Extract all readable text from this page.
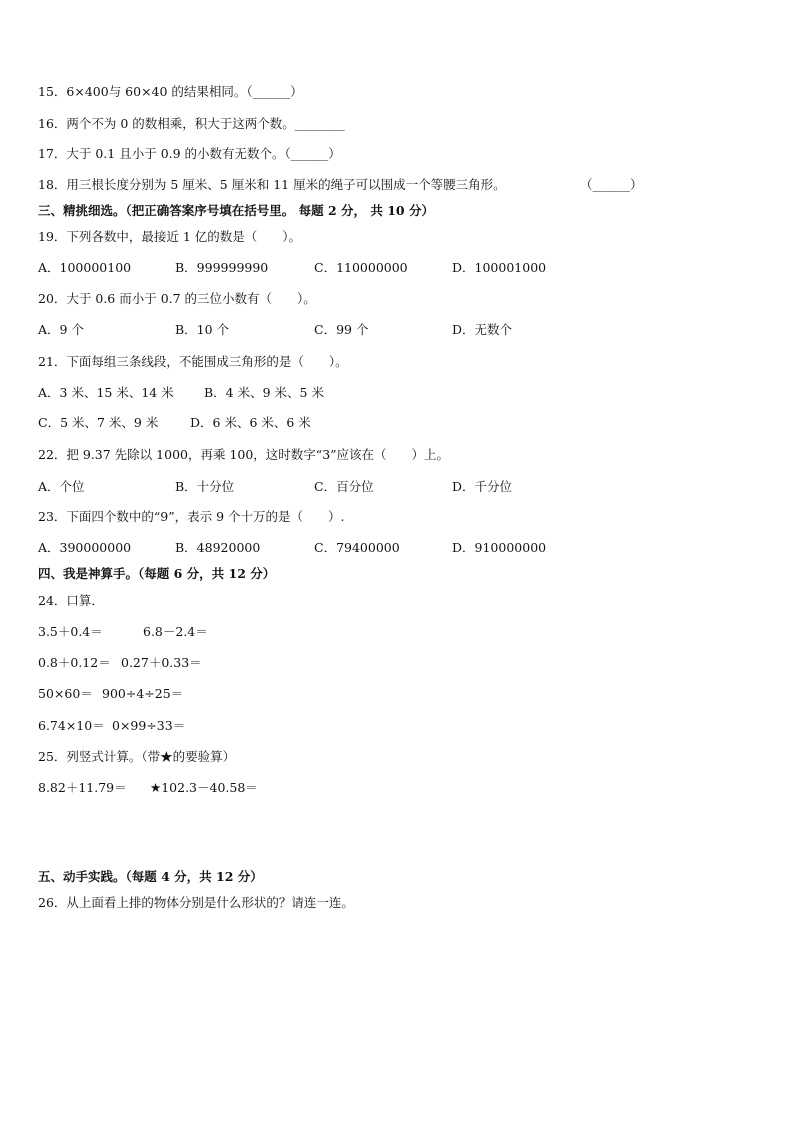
15．6×400与 60×40 的结果相同。（______）
16．两个不为 0 的数相乘，积大于这两个数。________
17．大于 0.1 且小于 0.9 的小数有无数个。（______）
18．用三根长度分别为 5 厘米、5 厘米和 11 厘米的绳子可以围成一个等腰三角形。	（______）
三、精挑细选。（把正确答案序号填在括号里。 每题 2 分， 共 10 分）
19．下列各数中，最接近 1 亿的数是（　　）。
A．100000100	B．999999990	C．110000000	D．100001000
20．大于 0.6 而小于 0.7 的三位小数有（　　）。
A．9 个	B．10 个	C．99 个	D．无数个
21．下面每组三条线段，不能围成三角形的是（　　）。
A．3 米、15 米、14 米 B．4 米、9 米、5 米
C．5 米、7 米、9 米	D．6 米、6 米、6 米
22．把 9.37 先除以 1000，再乘 100，这时数字“3”应该在（　　）上。
A．个位	B．十分位	C．百分位	D．千分位
23．下面四个数中的“9”，表示 9 个十万的是（　　）.
A．390000000	B．48920000	C．79400000	D．910000000
四、我是神算手。（每题 6 分，共 12 分）
24．口算．
3.5＋0.4＝	6.8－2.4＝
0.8＋0.12＝ 0.27＋0.33＝
50×60＝ 900÷4÷25＝
6.74×10＝ 0×99÷33＝
25．列竖式计算。（带★的要验算）
8.82＋11.79＝ ★102.3－40.58＝
五、动手实践。（每题 4 分，共 12 分）
26．从上面看上排的物体分别是什么形状的？请连一连。
